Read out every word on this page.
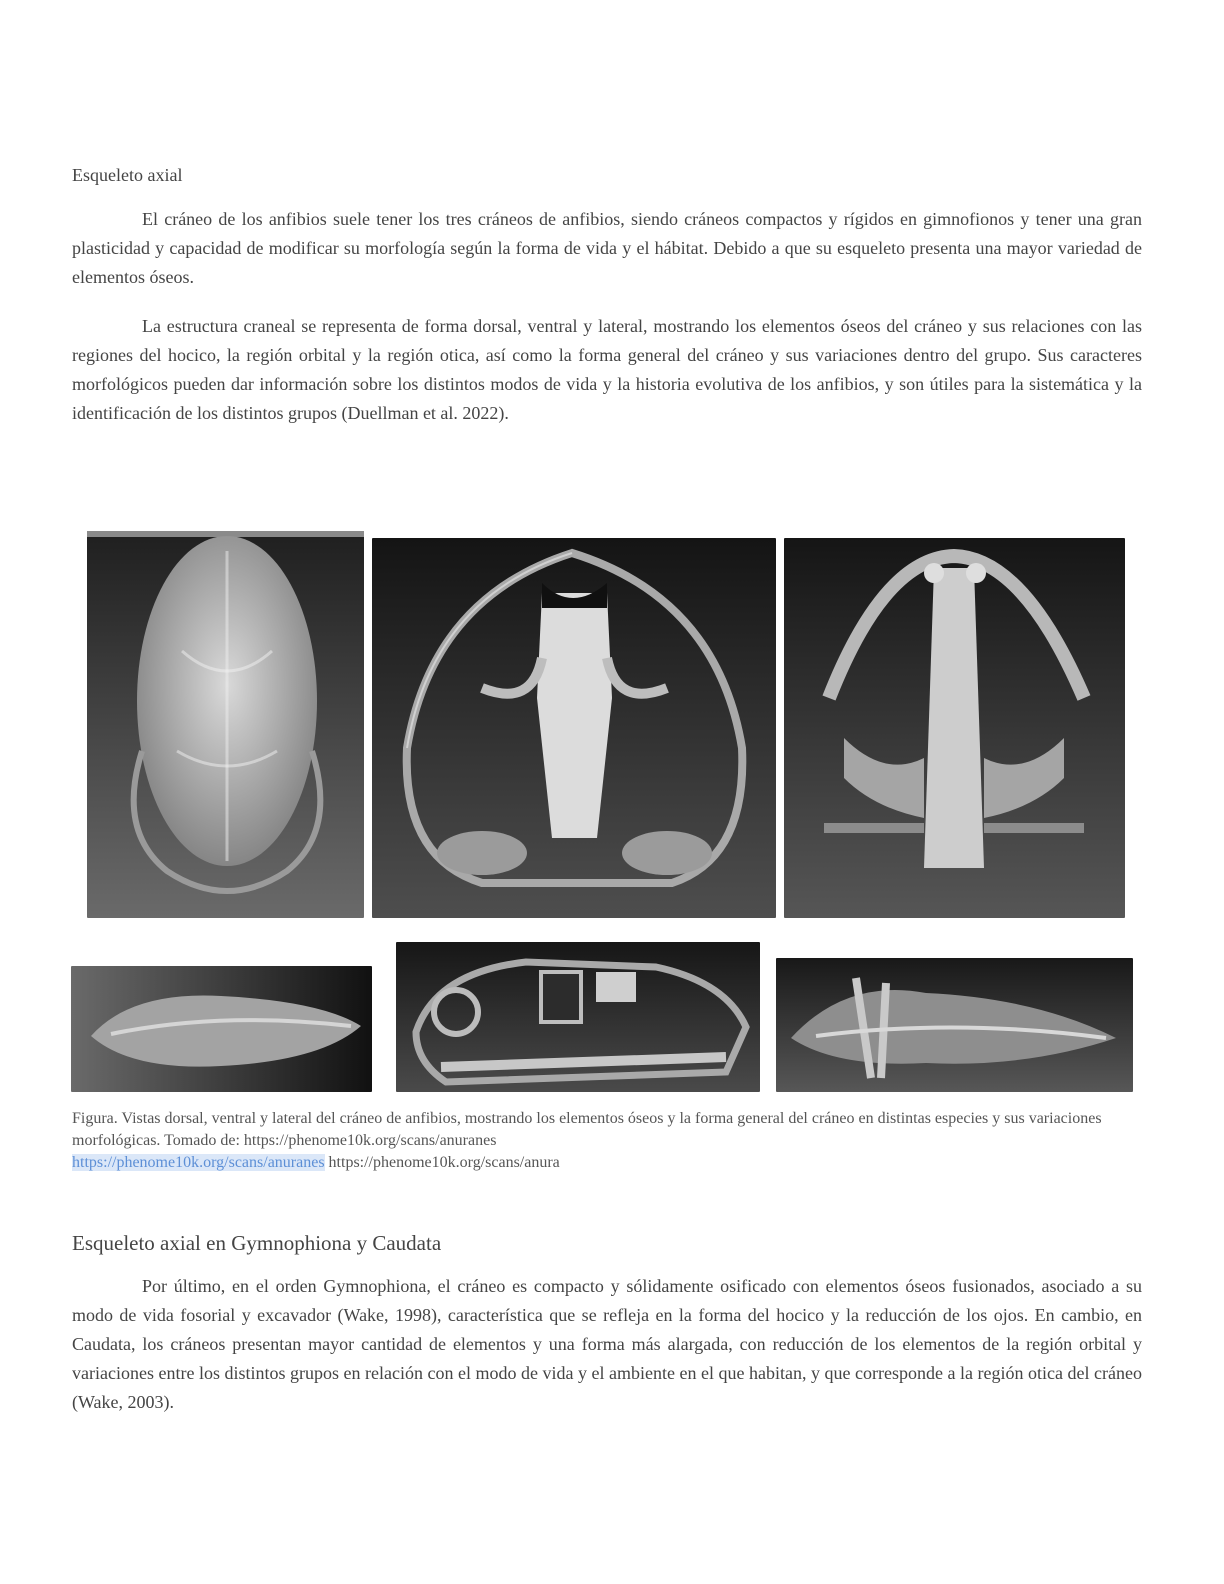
Esqueleto axial
El cráneo de los anfibios suele tener los tres cráneos de anfibios, siendo cráneos compactos y rígidos en gimnofionos y tener una gran plasticidad y capacidad de modificar su morfología según la forma de vida y el hábitat. Debido a que su esqueleto presenta una mayor variedad de elementos óseos.
La estructura craneal se representa de forma dorsal, ventral y lateral, mostrando los elementos óseos del cráneo y sus relaciones con las regiones del hocico, la región orbital y la región otica, así como la forma general del cráneo y sus variaciones dentro del grupo. Sus caracteres morfológicos pueden dar información sobre los distintos modos de vida y la historia evolutiva de los anfibios, y son útiles para la sistemática y la identificación de los distintos grupos (Duellman et al. 2022).
Figura. Vistas dorsal, ventral y lateral del cráneo de anfibios, mostrando los elementos óseos y la forma general del cráneo en distintas especies y sus variaciones morfológicas. Tomado de: https://phenome10k.org/scans/anuranes
https://phenome10k.org/scans/anuranes https://phenome10k.org/scans/anura
Esqueleto axial en Gymnophiona y Caudata
Por último, en el orden Gymnophiona, el cráneo es compacto y sólidamente osificado con elementos óseos fusionados, asociado a su modo de vida fosorial y excavador (Wake, 1998), característica que se refleja en la forma del hocico y la reducción de los ojos. En cambio, en Caudata, los cráneos presentan mayor cantidad de elementos y una forma más alargada, con reducción de los elementos de la región orbital y variaciones entre los distintos grupos en relación con el modo de vida y el ambiente en el que habitan, y que corresponde a la región otica del cráneo (Wake, 2003).
